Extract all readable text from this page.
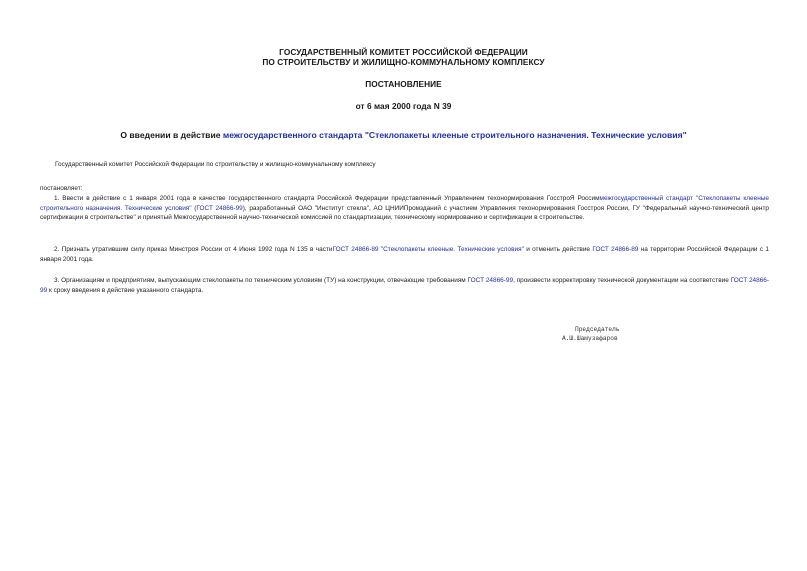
ГОСУДАРСТВЕННЫЙ КОМИТЕТ РОССИЙСКОЙ ФЕДЕРАЦИИ
ПО СТРОИТЕЛЬСТВУ И ЖИЛИЩНО-КОММУНАЛЬНОМУ КОМПЛЕКСУ
ПОСТАНОВЛЕНИЕ
от 6 мая 2000 года N 39
О введении в действие межгосударственного стандарта "Стеклопакеты клееные строительного назначения. Технические условия"
Государственный комитет Российской Федерации по строительству и жилищно-коммунальному комплексу
постановляет:
1. Ввести в действие с 1 января 2001 года в качестве государственного стандарта Российской Федерации представленный Управлением техонормирования ГосстроЯ Россиммежгосударственный стандарт "Стеклопакеты клееные строительного назначения. Технические условия" (ГОСТ 24866-99), разработанный ОАО "Институт стекла", АО ЦНИИПромзданий с участием Управления техонормирования Госстроя России, ГУ "Федеральный научно-технический центр сертификации в строительстве" и принятый Межгосударственной научно-технической комиссией по стандартизации, техническому нормированию и сертификации в строительстве.
2. Признать утратившим силу приказ Минстроя России от 4 Июня 1992 года N 135 в частиГОСТ 24866-89 "Стеклопакеты клееные. Технические условия" и отменить действие ГОСТ 24866-89 на территории Российской Федерации с 1 января 2001 года.
3. Организациям и предприятиям, выпускающим стеклопакеты по техническим условиям (ТУ) на конструкции, отвечающие требованиям ГОСТ 24866-99, произвести корректировку технической документации на соответствие ГОСТ 24866-99 к сроку введения в действие указанного стандарта.
Председатель
А.Ш.Шамузафаров
